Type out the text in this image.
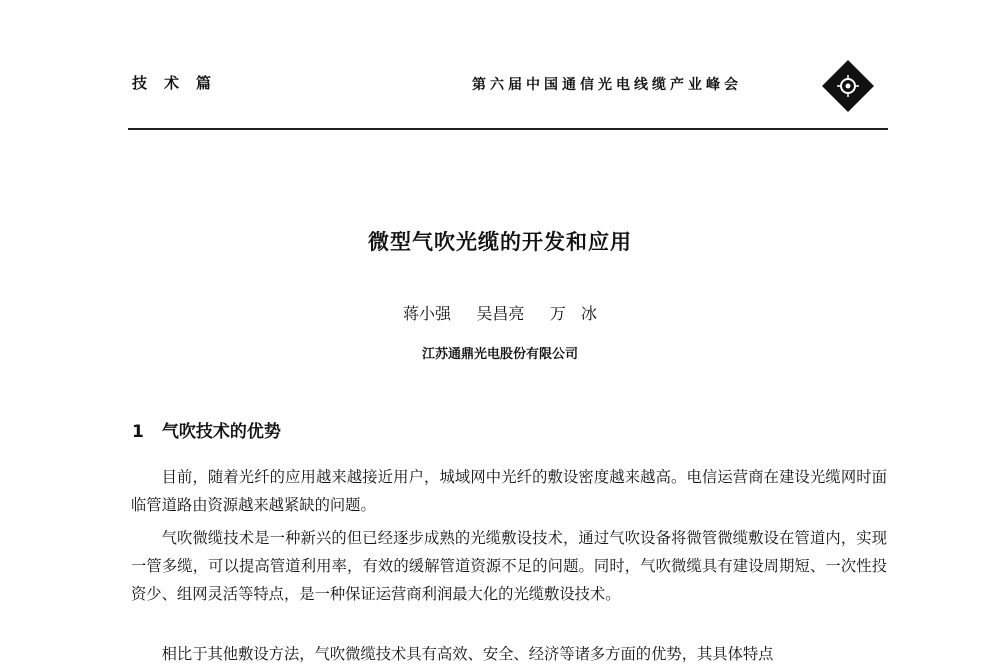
技术篇	第六届中国通信光电线缆产业峰会
微型气吹光缆的开发和应用
蒋小强     吴昌亮     万   冰
江苏通鼎光电股份有限公司
1 气吹技术的优势
目前，随着光纤的应用越来越接近用户，城域网中光纤的敷设密度越来越高。电信运营商在建设光缆网时面临管道路由资源越来越紧缺的问题。
气吹微缆技术是一种新兴的但已经逐步成熟的光缆敷设技术，通过气吹设备将微管微缆敷设在管道内，实现一管多缆，可以提高管道利用率，有效的缓解管道资源不足的问题。同时，气吹微缆具有建设周期短、一次性投资少、组网灵活等特点，是一种保证运营商利润最大化的光缆敷设技术。
相比于其他敷设方法，气吹微缆技术具有高效、安全、经济等诸多方面的优势，其具体特点
